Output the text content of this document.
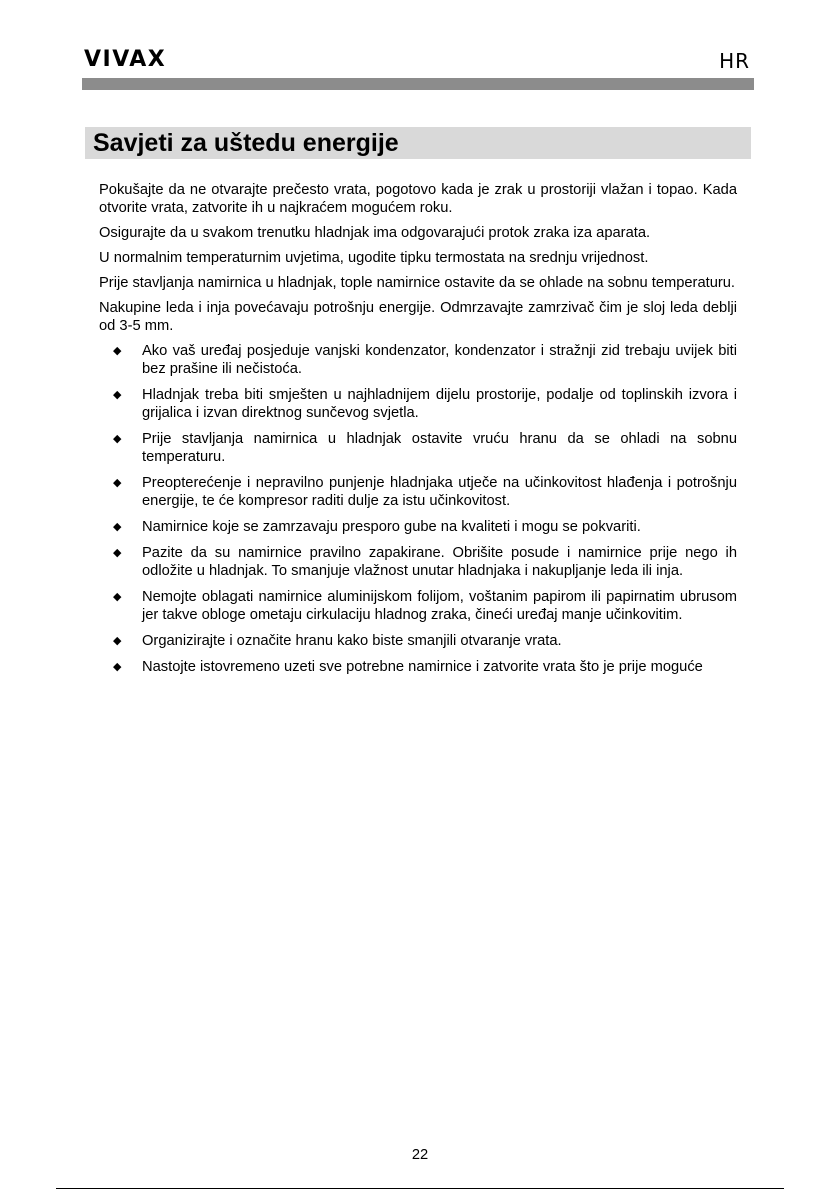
VIVAX	HR
Savjeti za uštedu energije

Pokušajte da ne otvarajte prečesto vrata, pogotovo kada je zrak u prostoriji vlažan i topao. Kada otvorite vrata, zatvorite ih u najkraćem mogućem roku.

Osigurajte da u svakom trenutku hladnjak ima odgovarajući protok zraka iza aparata.

U normalnim temperaturnim uvjetima, ugodite tipku termostata na srednju vrijednost.

Prije stavljanja namirnica u hladnjak, tople namirnice ostavite da se ohlade na sobnu temperaturu.

Nakupine leda i inja povećavaju potrošnju energije. Odmrzavajte zamrzivač čim je sloj leda deblji od 3-5 mm.

◆ Ako vaš uređaj posjeduje vanjski kondenzator, kondenzator i stražnji zid trebaju uvijek biti bez prašine ili nečistoća.
◆ Hladnjak treba biti smješten u najhladnijem dijelu prostorije, podalje od toplinskih izvora i grijalica i izvan direktnog sunčevog svjetla.
◆ Prije stavljanja namirnica u hladnjak ostavite vruću hranu da se ohladi na sobnu temperaturu.
◆ Preopterećenje i nepravilno punjenje hladnjaka utječe na učinkovitost hlađenja i potrošnju energije, te će kompresor raditi dulje za istu učinkovitost.
◆ Namirnice koje se zamrzavaju presporo gube na kvaliteti i mogu se pokvariti.
◆ Pazite da su namirnice pravilno zapakirane. Obrišite posude i namirnice prije nego ih odložite u hladnjak. To smanjuje vlažnost unutar hladnjaka i nakupljanje leda ili inja.
◆ Nemojte oblagati namirnice aluminijskom folijom, voštanim papirom ili papirnatim ubrusom jer takve obloge ometaju cirkulaciju hladnog zraka, čineći uređaj manje učinkovitim.
◆ Organizirajte i označite hranu kako biste smanjili otvaranje vrata.
◆ Nastojte istovremeno uzeti sve potrebne namirnice i zatvorite vrata što je prije moguće
22
